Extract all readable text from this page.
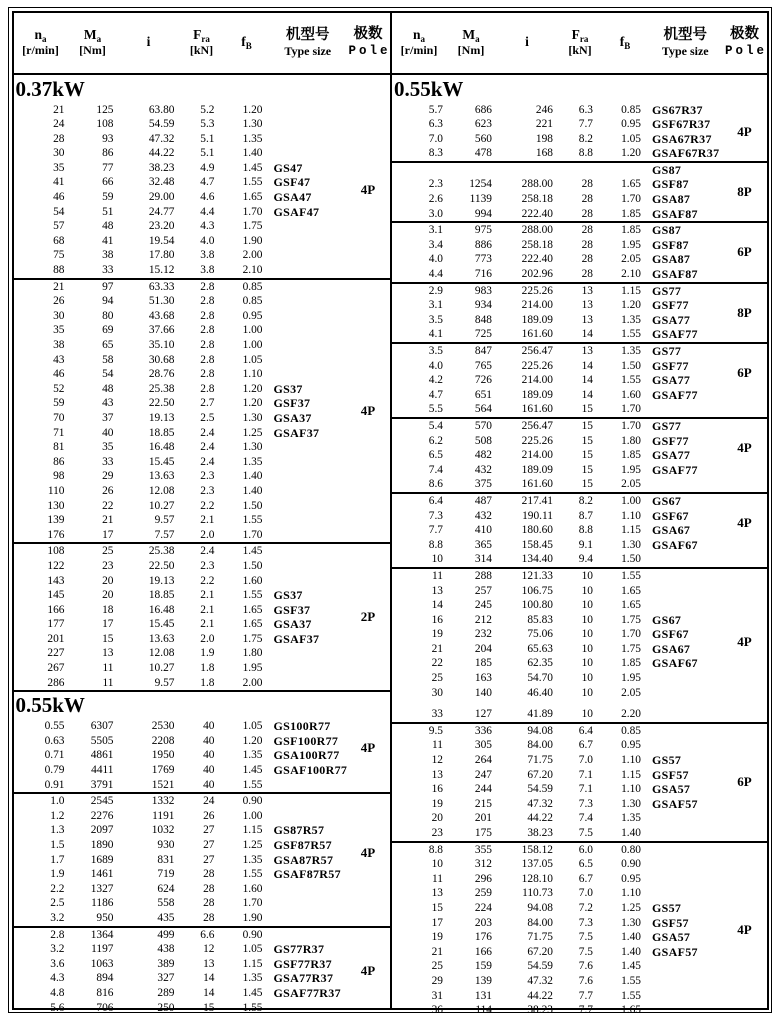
$n_a$
[r/min]
$M_a$
[Nm]
i	$F_{ra}$
[kN]
$f_B$
机型号
Type size
极数
Pole
0.37kW
21	125	63.80	5.2	1.20
24	108	54.59	5.3	1.30
28	93	47.32	5.1	1.35
30	86	44.22	5.1	1.40
35	77	38.23	4.9	1.45 GS47
41	66	32.48	4.7	1.55 GSF47
46	59	29.00	4.6	1.65 GSA47
54	51	24.77	4.4	1.70 GSAF47
57	48	23.20	4.3	1.75
68	41	19.54	4.0	1.90
75	38	17.80	3.8	2.00
88	33	15.12	3.8	2.10
4P
21	97	63.33	2.8	0.85
26	94	51.30	2.8	0.85
30	80	43.68	2.8	0.95
35	69	37.66	2.8	1.00
38	65	35.10	2.8	1.00
43	58	30.68	2.8	1.05
46	54	28.76	2.8	1.10
52	48	25.38	2.8	1.20 GS37
59	43	22.50	2.7	1.20 GSF37
70	37	19.13	2.5	1.30 GSA37
71	40	18.85	2.4	1.25 GSAF37
81	35	16.48	2.4	1.30
86	33	15.45	2.4	1.35
98	29	13.63	2.3	1.40
110	26	12.08	2.3	1.40
130	22	10.27	2.2	1.50
139	21	9.57	2.1	1.55
176	17	7.57	2.0	1.70
4P
108	25	25.38	2.4	1.45
122	23	22.50	2.3	1.50
143	20	19.13	2.2	1.60
145	20	18.85	2.1	1.55 GS37
166	18	16.48	2.1	1.65 GSF37
177	17	15.45	2.1	1.65 GSA37
201	15	13.63	2.0	1.75 GSAF37
227	13	12.08	1.9	1.80
267	11	10.27	1.8	1.95
286	11	9.57	1.8	2.00
2P
0.55kW
0.55	6307	2530	40	1.05 GS100R77
0.63	5505	2208	40	1.20 GSF100R77
0.71	4861	1950	40	1.35 GSA100R77
0.79	4411	1769	40	1.45 GSAF100R77
0.91	3791	1521	40	1.55
4P
1.0	2545	1332	24	0.90
1.2	2276	1191	26	1.00
1.3	2097	1032	27	1.15 GS87R57
1.5	1890	930	27	1.25 GSF87R57
1.7	1689	831	27	1.35 GSA87R57
1.9	1461	719	28	1.55 GSAF87R57
2.2	1327	624	28	1.60
2.5	1186	558	28	1.70
3.2	950	435	28	1.90
4P
2.8	1364	499	6.6	0.90
3.2	1197	438	12	1.05 GS77R37
3.6	1063	389	13	1.15 GSF77R37
4.3	894	327	14	1.35 GSA77R37
4.8	816	289	14	1.45 GSAF77R37
5.6	706	250	15	1.55
4P
$n_a$
[r/min]
$M_a$
[Nm]
i	$F_{ra}$
[kN]
$f_B$
机型号
Type size
极数
Pole
0.55kW
5.7	686	246	6.3	0.85 GS67R37
6.3	623	221	7.7	0.95 GSF67R37
7.0	560	198	8.2	1.05 GSA67R37
8.3	478	168	8.8	1.20 GSAF67R37
4P
GS87
2.3	1254	288.00	28	1.65 GSF87
2.6	1139	258.18	28	1.70 GSA87
3.0	994	222.40	28	1.85 GSAF87
8P
3.1	975	288.00	28	1.85 GS87
3.4	886	258.18	28	1.95 GSF87
4.0	773	222.40	28	2.05 GSA87
4.4	716	202.96	28	2.10 GSAF87
6P
2.9	983	225.26	13	1.15 GS77
3.1	934	214.00	13	1.20 GSF77
3.5	848	189.09	13	1.35 GSA77
4.1	725	161.60	14	1.55 GSAF77
8P
3.5	847	256.47	13	1.35 GS77
4.0	765	225.26	14	1.50 GSF77
4.2	726	214.00	14	1.55 GSA77
4.7	651	189.09	14	1.60 GSAF77
5.5	564	161.60	15	1.70
6P
5.4	570	256.47	15	1.70 GS77
6.2	508	225.26	15	1.80 GSF77
6.5	482	214.00	15	1.85 GSA77
7.4	432	189.09	15	1.95 GSAF77
8.6	375	161.60	15	2.05
4P
6.4	487	217.41	8.2	1.00 GS67
7.3	432	190.11	8.7	1.10 GSF67
7.7	410	180.60	8.8	1.15 GSA67
8.8	365	158.45	9.1	1.30 GSAF67
10	314	134.40	9.4	1.50
4P
11	288	121.33	10	1.55
13	257	106.75	10	1.65
14	245	100.80	10	1.65
16	212	85.83	10	1.75 GS67
19	232	75.06	10	1.70 GSF67
21	204	65.63	10	1.75 GSA67
22	185	62.35	10	1.85 GSAF67
25	163	54.70	10	1.95
30	140	46.40	10	2.05
33	127	41.89	10	2.20
4P
9.5	336	94.08	6.4	0.85
11	305	84.00	6.7	0.95
12	264	71.75	7.0	1.10 GS57
13	247	67.20	7.1	1.15 GSF57
16	244	54.59	7.1	1.10 GSA57
19	215	47.32	7.3	1.30 GSAF57
20	201	44.22	7.4	1.35
23	175	38.23	7.5	1.40
6P
8.8	355	158.12	6.0	0.80
10	312	137.05	6.5	0.90
11	296	128.10	6.7	0.95
13	259	110.73	7.0	1.10
15	224	94.08	7.2	1.25 GS57
17	203	84.00	7.3	1.30 GSF57
19	176	71.75	7.5	1.40 GSA57
21	166	67.20	7.5	1.40 GSAF57
25	159	54.59	7.6	1.45
29	139	47.32	7.6	1.55
31	131	44.22	7.7	1.55
36	114	38.23	7.7	1.65
4P
